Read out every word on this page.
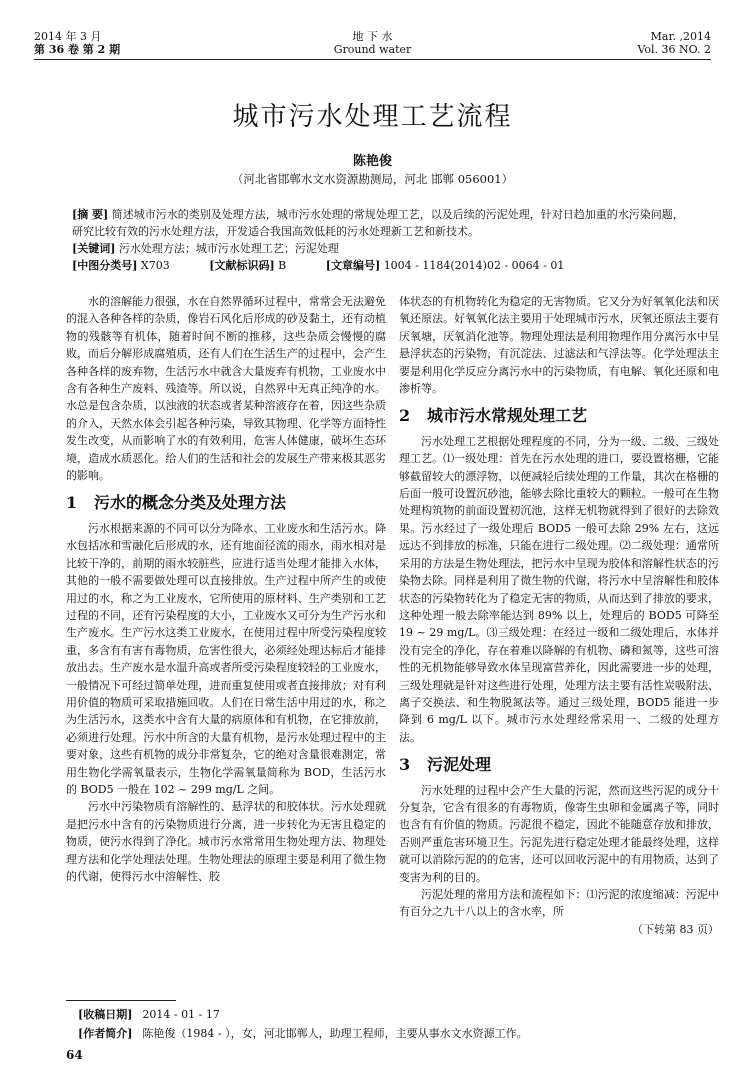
2014 年 3 月
第 36 卷 第 2 期
地 下 水
Ground water
Mar. ,2014
Vol. 36 NO. 2
城市污水处理工艺流程
陈艳俊
（河北省邯郸水文水资源勘测局，河北 邯郸 056001）
[摘 要] 简述城市污水的类别及处理方法，城市污水处理的常规处理工艺，以及后续的污泥处理，针对日趋加重的水污染问题，研究比较有效的污水处理方法，开发适合我国高效低耗的污水处理新工艺和新技术。
[关键词] 污水处理方法；城市污水处理工艺；污泥处理
[中图分类号] X703	[文献标识码] B	[文章编号] 1004 - 1184(2014)02 - 0064 - 01

水的溶解能力很强，水在自然界循环过程中，常常会无法避免的混入各种各样的杂质，像岩石风化后形成的砂及黏土，还有动植物的残骸等有机体，随着时间不断的推移，这些杂质会慢慢的腐败，而后分解形成腐殖质，还有人们在生活生产的过程中，会产生各种各样的废弃物，生活污水中就含大量废弃有机物，工业废水中含有各种生产废料、残渣等。所以说，自然界中无真正纯净的水。水总是包含杂质，以浊液的状态或者某种溶液存在着，因这些杂质的介入，天然水体会引起各种污染，导致其物理、化学等方面特性发生改变，从而影响了水的有效利用，危害人体健康，破坏生态环境，造成水质恶化。给人们的生活和社会的发展生产带来极其恶劣的影响。

1 污水的概念分类及处理方法

污水根据来源的不同可以分为降水、工业废水和生活污水。降水包括冰和雪融化后形成的水，还有地面径流的雨水，雨水相对是比较干净的，前期的雨水较脏些，应进行适当处理才能排入水体，其他的一般不需要做处理可以直接排放。生产过程中所产生的或使用过的水，称之为工业废水，它所使用的原材料、生产类别和工艺过程的不同，还有污染程度的大小，工业废水又可分为生产污水和生产废水。生产污水这类工业废水，在使用过程中所受污染程度较重，多含有有害有毒物质，危害性很大，必须经处理达标后才能排放出去。生产废水是水温升高或者所受污染程度较轻的工业废水，一般情况下可经过简单处理，进而重复使用或者直接排放；对有利用价值的物质可采取措施回收。人们在日常生活中用过的水，称之为生活污水，这类水中含有大量的病原体和有机物，在它排放前，必须进行处理。污水中所含的大量有机物，是污水处理过程中的主要对象，这些有机物的成分非常复杂，它的绝对含量很难测定，常用生物化学需氧量表示，生物化学需氧量简称为 BOD，生活污水的 BOD5 一般在 102 ~ 299 mg/L 之间。

污水中污染物质有溶解性的、悬浮状的和胶体状。污水处理就是把污水中含有的污染物质进行分离，进一步转化为无害且稳定的物质，使污水得到了净化。城市污水常常用生物处理方法、物理处理方法和化学处理法处理。生物处理法的原理主要是利用了微生物的代谢，使得污水中溶解性、胶

体状态的有机物转化为稳定的无害物质。它又分为好氧氧化法和厌氧还原法。好氧氧化法主要用于处理城市污水，厌氧还原法主要有厌氧塘，厌氧消化池等。物理处理法是利用物理作用分离污水中呈悬浮状态的污染物，有沉淀法、过滤法和气浮法等。化学处理法主要是利用化学反应分离污水中的污染物质，有电解、氧化还原和电渗析等。

2 城市污水常规处理工艺

污水处理工艺根据处理程度的不同，分为一级、二级、三级处理工艺。⑴一级处理：首先在污水处理的进口，要设置格栅，它能够截留较大的漂浮物，以便减轻后续处理的工作量，其次在格栅的后面一般可设置沉砂池，能够去除比重较大的颗粒。一般可在生物处理构筑物的前面设置初沉池，这样无机物就得到了很好的去除效果。污水经过了一级处理后 BOD5 一般可去除 29% 左右，这远远达不到排放的标准，只能在进行二级处理。⑵二级处理：通常所采用的方法是生物处理法，把污水中呈现为胶体和溶解性状态的污染物去除。同样是利用了微生物的代谢，将污水中呈溶解性和胶体状态的污染物转化为了稳定无害的物质，从而达到了排放的要求，这种处理一般去除率能达到 89% 以上，处理后的 BOD5 可降至 19 ~ 29 mg/L。⑶三级处理：在经过一级和二级处理后，水体并没有完全的净化，存在着难以降解的有机物、磷和氮等，这些可溶性的无机物能够导致水体呈现富营养化，因此需要进一步的处理，三级处理就是针对这些进行处理，处理方法主要有活性炭吸附法、离子交换法、和生物脱氮法等。通过三级处理，BOD5 能进一步降到 6 mg/L 以下。城市污水处理经常采用一、二级的处理方法。

3 污泥处理

污水处理的过程中会产生大量的污泥，然而这些污泥的成分十分复杂，它含有很多的有毒物质，像寄生虫卵和金属离子等，同时也含有有价值的物质。污泥很不稳定，因此不能随意存放和排放，否则严重危害环境卫生。污泥先进行稳定处理才能最终处理，这样就可以消除污泥的的危害，还可以回收污泥中的有用物质，达到了变害为利的目的。

污泥处理的常用方法和流程如下：⑴污泥的浓度缩减：污泥中有百分之九十八以上的含水率，所

（下转第 83 页）
[收稿日期] 2014 - 01 - 17
[作者简介] 陈艳俊（1984 - ），女，河北邯郸人，助理工程师，主要从事水文水资源工作。
64
